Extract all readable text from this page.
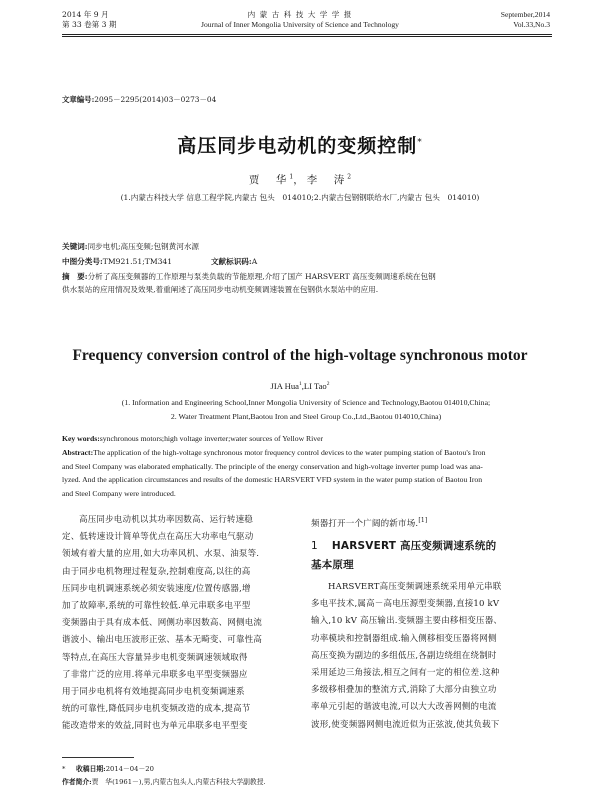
2014 年 9 月
第 33 卷第 3 期
内 蒙 古 科 技 大 学 学 报
Journal of Inner Mongolia University of Science and Technology
September,2014
Vol.33,No.3
文章编号:2095－2295(2014)03－0273－04
高压同步电动机的变频控制*
贾　华$^1$，李　涛$^2$
(1.内蒙古科技大学 信息工程学院,内蒙古 包头　014010;2.内蒙古包钢钢联给水厂,内蒙古 包头　014010)
关键词:同步电机;高压变频;包钢黄河水源
中图分类号:TM921.51;TM341	文献标识码:A
摘　要:分析了高压变频器的工作原理与泵类负载的节能原理,介绍了国产 HARSVERT 高压变频调速系统在包钢
供水泵站的应用情况及效果,着重阐述了高压同步电动机变频调速装置在包钢供水泵站中的应用.
Frequency conversion control of the high-voltage synchronous motor
JIA Hua$^1$,LI Tao$^2$
(1. Information and Engineering School,Inner Mongolia University of Science and Technology,Baotou 014010,China;
2. Water Treatment Plant,Baotou Iron and Steel Group Co.,Ltd.,Baotou 014010,China)
Key words:synchronous motors;high voltage inverter;water sources of Yellow River
Abstract:The application of the high-voltage synchronous motor frequency control devices to the water pumping station of Baotou's Iron
and Steel Company was elaborated emphatically. The principle of the energy conservation and high-voltage inverter pump load was ana-
lyzed. And the application circumstances and results of the domestic HARSVERT VFD system in the water pump station of Baotou Iron
and Steel Company were introduced.

高压同步电动机以其功率因数高、运行转速稳

定、低转速设计简单等优点在高压大功率电气驱动

领域有着大量的应用,如大功率风机、水泵、油泵等.

由于同步电机物理过程复杂,控制难度高,以往的高

压同步电机调速系统必须安装速度/位置传感器,增

加了故障率,系统的可靠性较低.单元串联多电平型

变频器由于具有成本低、网侧功率因数高、网侧电流

谐波小、输出电压波形正弦、基本无畸变、可靠性高

等特点,在高压大容量异步电机变频调速领域取得

了非常广泛的应用.将单元串联多电平型变频器应

用于同步电机将有效地提高同步电机变频调速系

统的可靠性,降低同步电机变频改造的成本,提高节

能改造带来的效益,同时也为单元串联多电平型变

频器打开一个广阔的新市场.[1]

1 HARSVERT 高压变频调速系统的
基本原理

HARSVERT高压变频调速系统采用单元串联

多电平技术,属高－高电压源型变频器,直接10 kV

输入,10 kV 高压输出.变频器主要由移相变压器、

功率模块和控制器组成.输入侧移相变压器将网侧

高压变换为副边的多组低压,各副边绕组在绕制时

采用延边三角接法,相互之间有一定的相位差.这种

多级移相叠加的整流方式,消除了大部分由独立功

率单元引起的谐波电流,可以大大改善网侧的电流

波形,使变频器网侧电流近似为正弦波,使其负载下

* 收稿日期:2014－04－20
作者简介:贾　华(1961－),男,内蒙古包头人,内蒙古科技大学副教授.
